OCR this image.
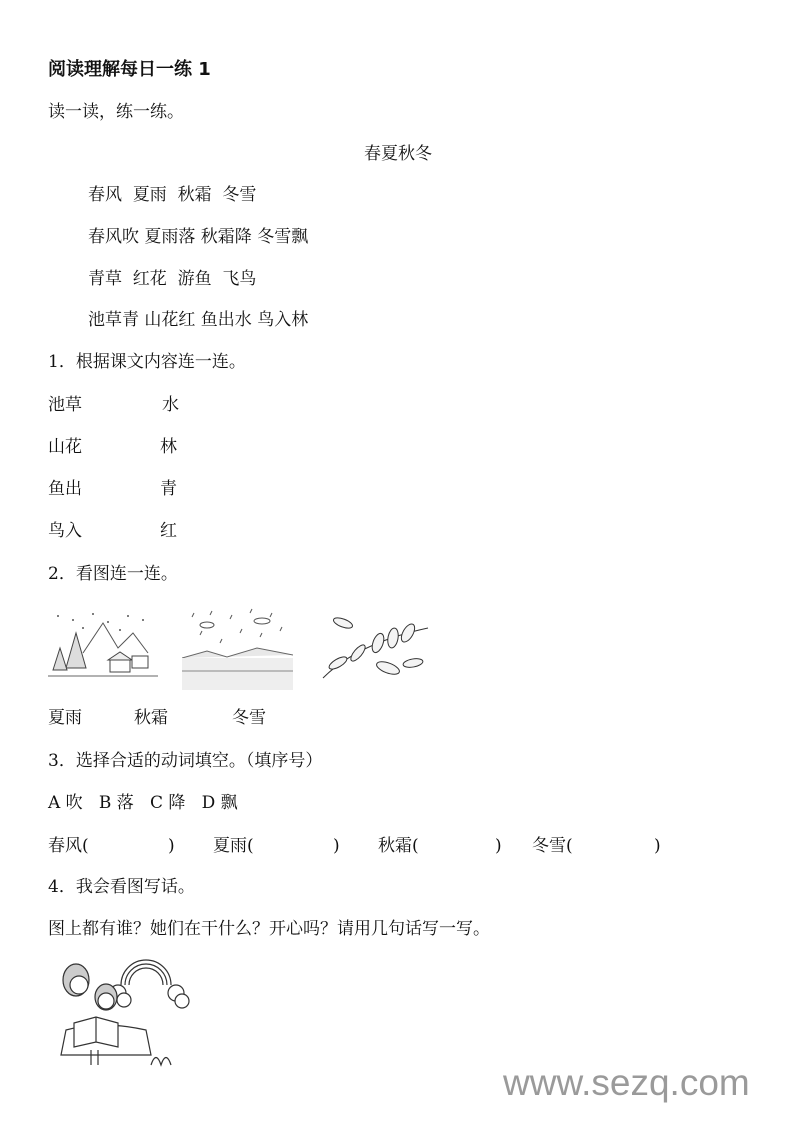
阅读理解每日一练 1
读一读，练一练。
春夏秋冬
春风  夏雨  秋霜  冬雪
春风吹 夏雨落 秋霜降 冬雪飘
青草  红花  游鱼  飞鸟
池草青 山花红 鱼出水 鸟入林
1．根据课文内容连一连。
池草	水
山花	林
鱼出	青
鸟入	红
2．看图连一连。
夏雨	秋霜	冬雪
3．选择合适的动词填空。（填序号）
A 吹   B 落   C 降   D 飘
春风(	) 夏雨(	) 秋霜(	) 冬雪(	)
4．我会看图写话。
图上都有谁？她们在干什么？开心吗？请用几句话写一写。
www.sezq.com
